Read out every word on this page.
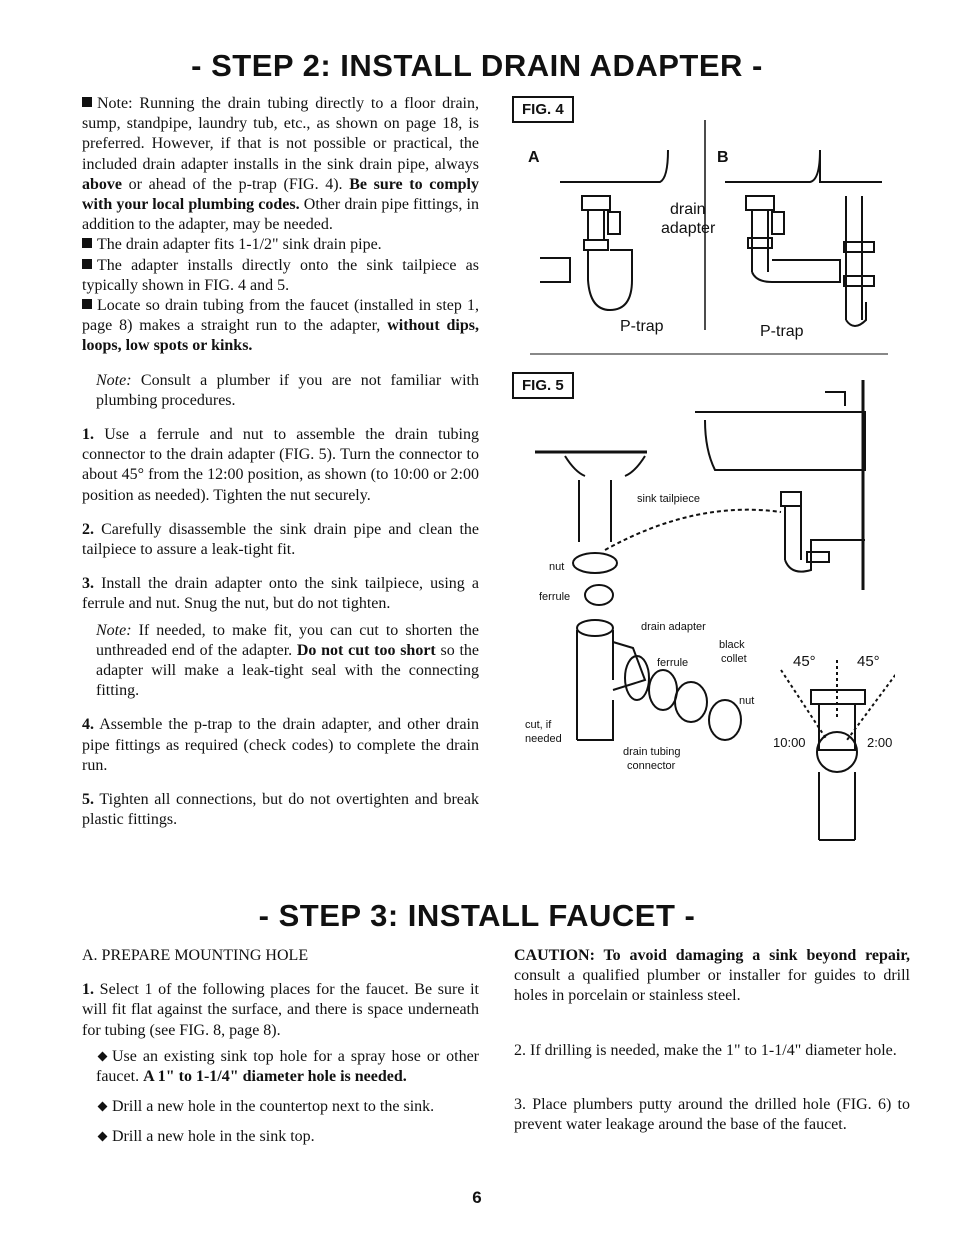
- STEP 2: INSTALL DRAIN ADAPTER -

Note: Running the drain tubing directly to a floor drain, sump, standpipe, laundry tub, etc., as shown on page 18, is preferred. However, if that is not possible or practical, the included drain adapter installs in the sink drain pipe, always above or ahead of the p-trap (FIG. 4). Be sure to comply with your local plumbing codes. Other drain pipe fittings, in addition to the adapter, may be needed.

The drain adapter fits 1-1/2" sink drain pipe.

The adapter installs directly onto the sink tailpiece as typically shown in FIG. 4 and 5.

Locate so drain tubing from the faucet (installed in step 1, page 8) makes a straight run to the adapter, without dips, loops, low spots or kinks.

Note: Consult a plumber if you are not familiar with plumbing procedures.

1. Use a ferrule and nut to assemble the drain tubing connector to the drain adapter (FIG. 5). Turn the connector to about 45° from the 12:00 position, as shown (to 10:00 or 2:00 position as needed). Tighten the nut securely.

2. Carefully disassemble the sink drain pipe and clean the tailpiece to assure a leak-tight fit.

3. Install the drain adapter onto the sink tailpiece, using a ferrule and nut. Snug the nut, but do not tighten.

Note: If needed, to make fit, you can cut to shorten the unthreaded end of the adapter. Do not cut too short so the adapter will make a leak-tight seal with the connecting fitting.

4. Assemble the p-trap to the drain adapter, and other drain pipe fittings as required (check codes) to complete the drain run.

5. Tighten all connections, but do not overtighten and break plastic fittings.

FIG. 4
A	B
drain
adapter
P-trap	P-trap
FIG. 5
sink tailpiece
nut
ferrule
drain adapter
black
collet
ferrule
nut
cut, if
needed
drain tubing
connector
45°	45°
10:00	2:00
- STEP 3: INSTALL FAUCET -

A. PREPARE MOUNTING HOLE

1. Select 1 of the following places for the faucet. Be sure it will fit flat against the surface, and there is space underneath for tubing (see FIG. 8, page 8).

Use an existing sink top hole for a spray hose or other faucet. A 1" to 1-1/4" diameter hole is needed.

Drill a new hole in the countertop next to the sink.

Drill a new hole in the sink top.

CAUTION: To avoid damaging a sink beyond repair, consult a qualified plumber or installer for guides to drill holes in porcelain or stainless steel.

2. If drilling is needed, make the 1" to 1-1/4" diameter hole.

3. Place plumbers putty around the drilled hole (FIG. 6) to prevent water leakage around the base of the faucet.

6
